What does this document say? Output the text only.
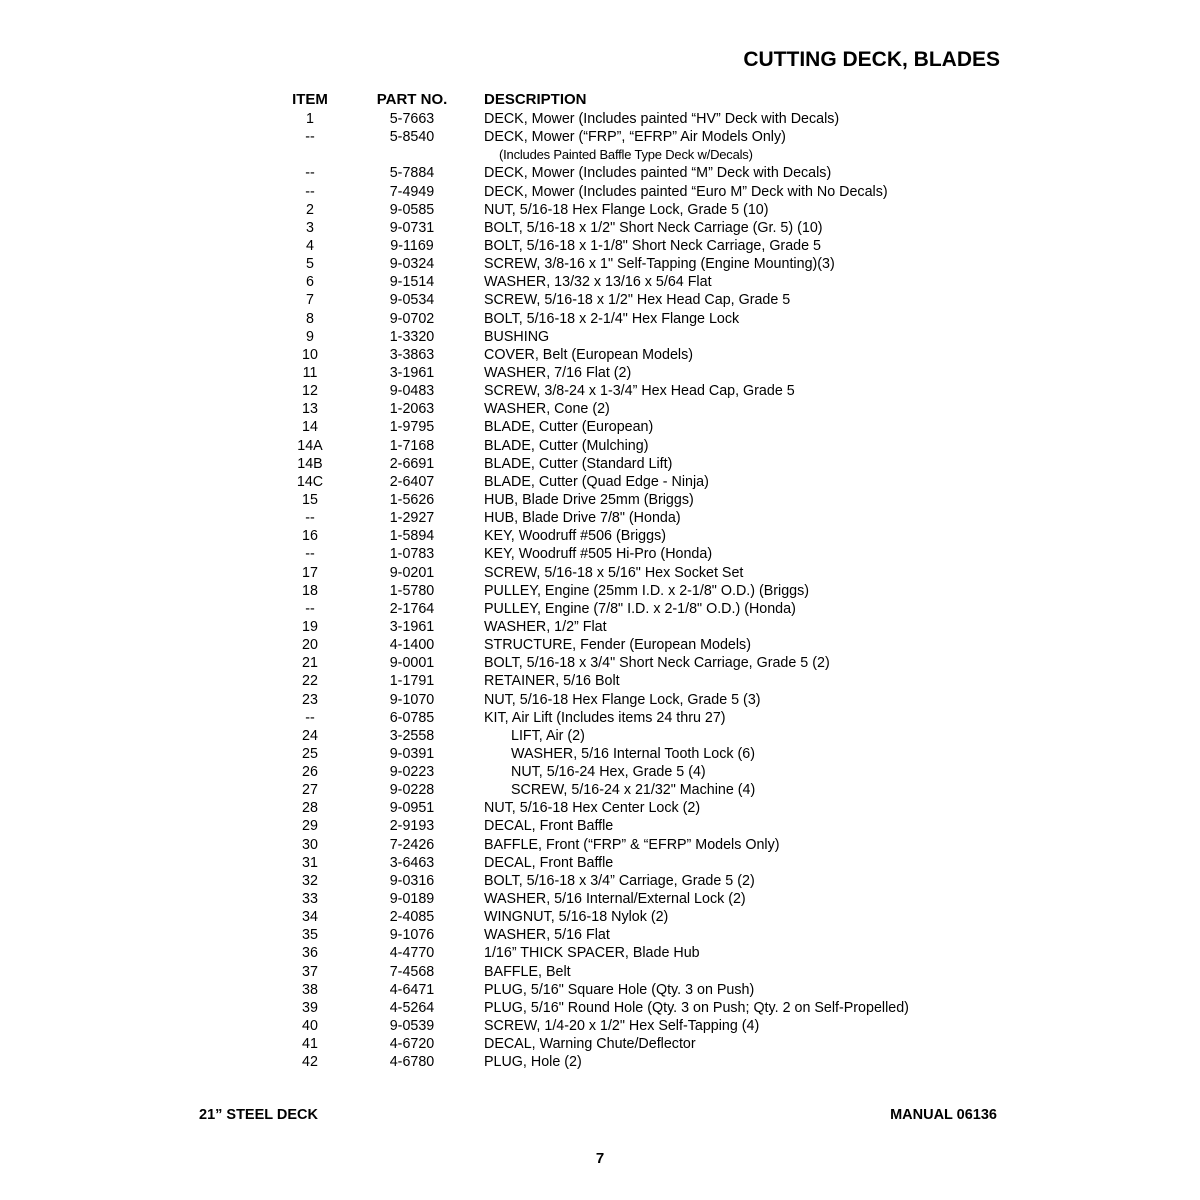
CUTTING DECK, BLADES
ITEM	PART NO.	DESCRIPTION
1	5-7663	DECK, Mower (Includes painted “HV” Deck with Decals)
--	5-8540	DECK, Mower (“FRP”, “EFRP” Air Models Only)
(Includes Painted Baffle Type Deck w/Decals)
--	5-7884	DECK, Mower (Includes painted “M” Deck with Decals)
--	7-4949	DECK, Mower (Includes painted “Euro M” Deck with No Decals)
2	9-0585	NUT, 5/16-18 Hex Flange Lock, Grade 5 (10)
3	9-0731	BOLT, 5/16-18 x 1/2" Short Neck Carriage (Gr. 5) (10)
4	9-1169	BOLT, 5/16-18 x 1-1/8" Short Neck Carriage, Grade 5
5	9-0324	SCREW, 3/8-16 x 1" Self-Tapping (Engine Mounting)(3)
6	9-1514	WASHER, 13/32 x 13/16 x 5/64 Flat
7	9-0534	SCREW, 5/16-18 x 1/2" Hex Head Cap, Grade 5
8	9-0702	BOLT, 5/16-18 x 2-1/4" Hex Flange Lock
9	1-3320	BUSHING
10	3-3863	COVER, Belt (European Models)
11	3-1961	WASHER, 7/16 Flat (2)
12	9-0483	SCREW, 3/8-24 x 1-3/4” Hex Head Cap, Grade 5
13	1-2063	WASHER, Cone (2)
14	1-9795	BLADE, Cutter (European)
14A	1-7168	BLADE, Cutter (Mulching)
14B	2-6691	BLADE, Cutter (Standard Lift)
14C	2-6407	BLADE, Cutter (Quad Edge - Ninja)
15	1-5626	HUB, Blade Drive 25mm (Briggs)
--	1-2927	HUB, Blade Drive 7/8" (Honda)
16	1-5894	KEY, Woodruff #506 (Briggs)
--	1-0783	KEY, Woodruff #505 Hi-Pro (Honda)
17	9-0201	SCREW, 5/16-18 x 5/16" Hex Socket Set
18	1-5780	PULLEY, Engine (25mm I.D. x 2-1/8" O.D.) (Briggs)
--	2-1764	PULLEY, Engine (7/8" I.D. x 2-1/8" O.D.) (Honda)
19	3-1961	WASHER, 1/2” Flat
20	4-1400	STRUCTURE, Fender (European Models)
21	9-0001	BOLT, 5/16-18 x 3/4" Short Neck Carriage, Grade 5 (2)
22	1-1791	RETAINER, 5/16 Bolt
23	9-1070	NUT, 5/16-18 Hex Flange Lock, Grade 5 (3)
--	6-0785	KIT, Air Lift (Includes items 24 thru 27)
24	3-2558	LIFT, Air (2)
25	9-0391	WASHER, 5/16 Internal Tooth Lock (6)
26	9-0223	NUT, 5/16-24 Hex, Grade 5 (4)
27	9-0228	SCREW, 5/16-24 x 21/32" Machine (4)
28	9-0951	NUT, 5/16-18 Hex Center Lock (2)
29	2-9193	DECAL, Front Baffle
30	7-2426	BAFFLE, Front (“FRP” & “EFRP” Models Only)
31	3-6463	DECAL, Front Baffle
32	9-0316	BOLT, 5/16-18 x 3/4” Carriage, Grade 5 (2)
33	9-0189	WASHER, 5/16 Internal/External Lock (2)
34	2-4085	WINGNUT, 5/16-18 Nylok (2)
35	9-1076	WASHER, 5/16 Flat
36	4-4770	1/16” THICK SPACER, Blade Hub
37	7-4568	BAFFLE, Belt
38	4-6471	PLUG, 5/16" Square Hole (Qty. 3 on Push)
39	4-5264	PLUG, 5/16" Round Hole (Qty. 3 on Push; Qty. 2 on Self-Propelled)
40	9-0539	SCREW, 1/4-20 x 1/2" Hex Self-Tapping (4)
41	4-6720	DECAL, Warning Chute/Deflector
42	4-6780	PLUG, Hole (2)
21” STEEL DECK	MANUAL 06136
7
